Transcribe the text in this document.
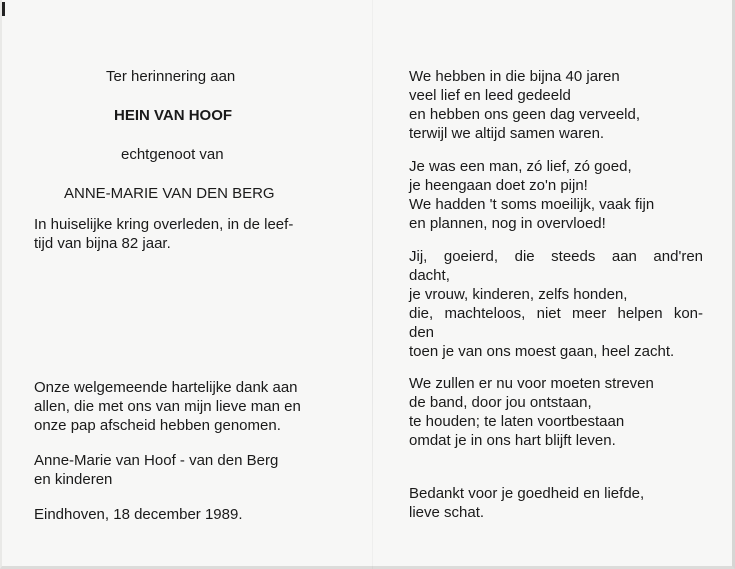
Ter herinnering aan

HEIN VAN HOOF

echtgenoot van

ANNE-MARIE VAN DEN BERG

In huiselijke kring overleden, in de leef-
tijd van bijna 82 jaar.
Onze welgemeende hartelijke dank aan
allen, die met ons van mijn lieve man en
onze pap afscheid hebben genomen.
Anne-Marie van Hoof - van den Berg
en kinderen

Eindhoven, 18 december 1989.

We hebben in die bijna 40 jaren
veel lief en leed gedeeld
en hebben ons geen dag verveeld,
terwijl we altijd samen waren.
Je was een man, zó lief, zó goed,
je heengaan doet zo'n pijn!
We hadden 't soms moeilijk, vaak fijn
en plannen, nog in overvloed!
Jij, goeierd, die steeds aan and'ren
dacht,
je vrouw, kinderen, zelfs honden,
die, machteloos, niet meer helpen kon-
den
toen je van ons moest gaan, heel zacht.
We zullen er nu voor moeten streven
de band, door jou ontstaan,
te houden; te laten voortbestaan
omdat je in ons hart blijft leven.
Bedankt voor je goedheid en liefde,
lieve schat.
